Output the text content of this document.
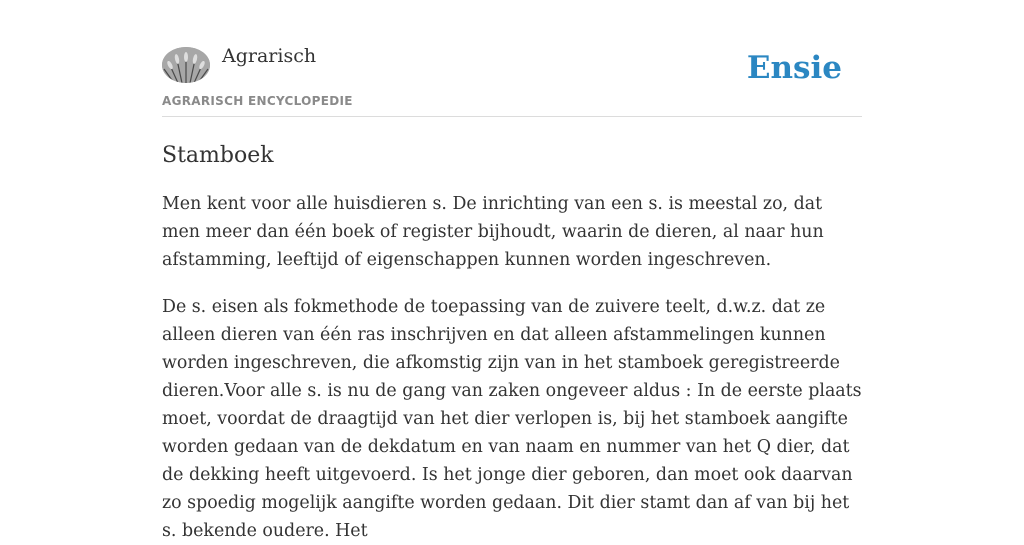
Agrarisch
AGRARISCH ENCYCLOPEDIE
Ensie
Stamboek

Men kent voor alle huisdieren s. De inrichting van een s. is meestal zo, dat men meer dan één boek of register bijhoudt, waarin de dieren, al naar hun afstamming, leeftijd of eigenschappen kunnen worden ingeschreven.

De s. eisen als fokmethode de toepassing van de zuivere teelt, d.w.z. dat ze alleen dieren van één ras inschrijven en dat alleen afstammelingen kunnen worden ingeschreven, die afkomstig zijn van in het stamboek geregistreerde dieren.Voor alle s. is nu de gang van zaken ongeveer aldus : In de eerste plaats moet, voordat de draagtijd van het dier verlopen is, bij het stamboek aangifte worden gedaan van de dekdatum en van naam en nummer van het Q dier, dat de dekking heeft uitgevoerd. Is het jonge dier geboren, dan moet ook daarvan zo spoedig mogelijk aangifte worden gedaan. Dit dier stamt dan af van bij het s. bekende oudere. Het
